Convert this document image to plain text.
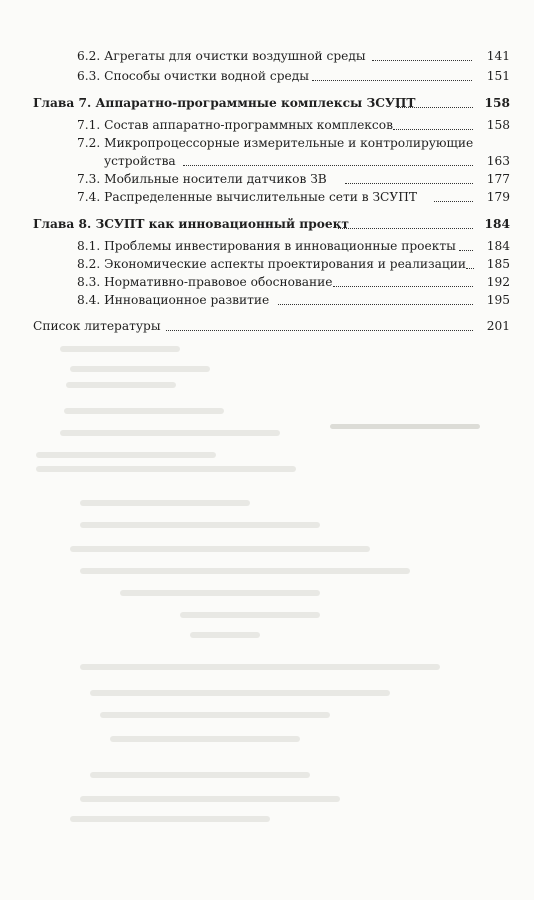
6.2. Агрегаты для очистки воздушной среды	141
6.3. Способы очистки водной среды	151
Глава 7. Аппаратно-программные комплексы ЗСУПТ	158
7.1. Состав аппаратно-программных комплексов	158
7.2. Микропроцессорные измерительные и контролирующие
устройства	163
7.3. Мобильные носители датчиков ЗВ	177
7.4. Распределенные вычислительные сети в ЗСУПТ	179
Глава 8. ЗСУПТ как инновационный проект	184
8.1. Проблемы инвестирования в инновационные проекты	184
8.2. Экономические аспекты проектирования и реализации	185
8.3. Нормативно-правовое обоснование	192
8.4. Инновационное развитие	195
Список литературы	201
